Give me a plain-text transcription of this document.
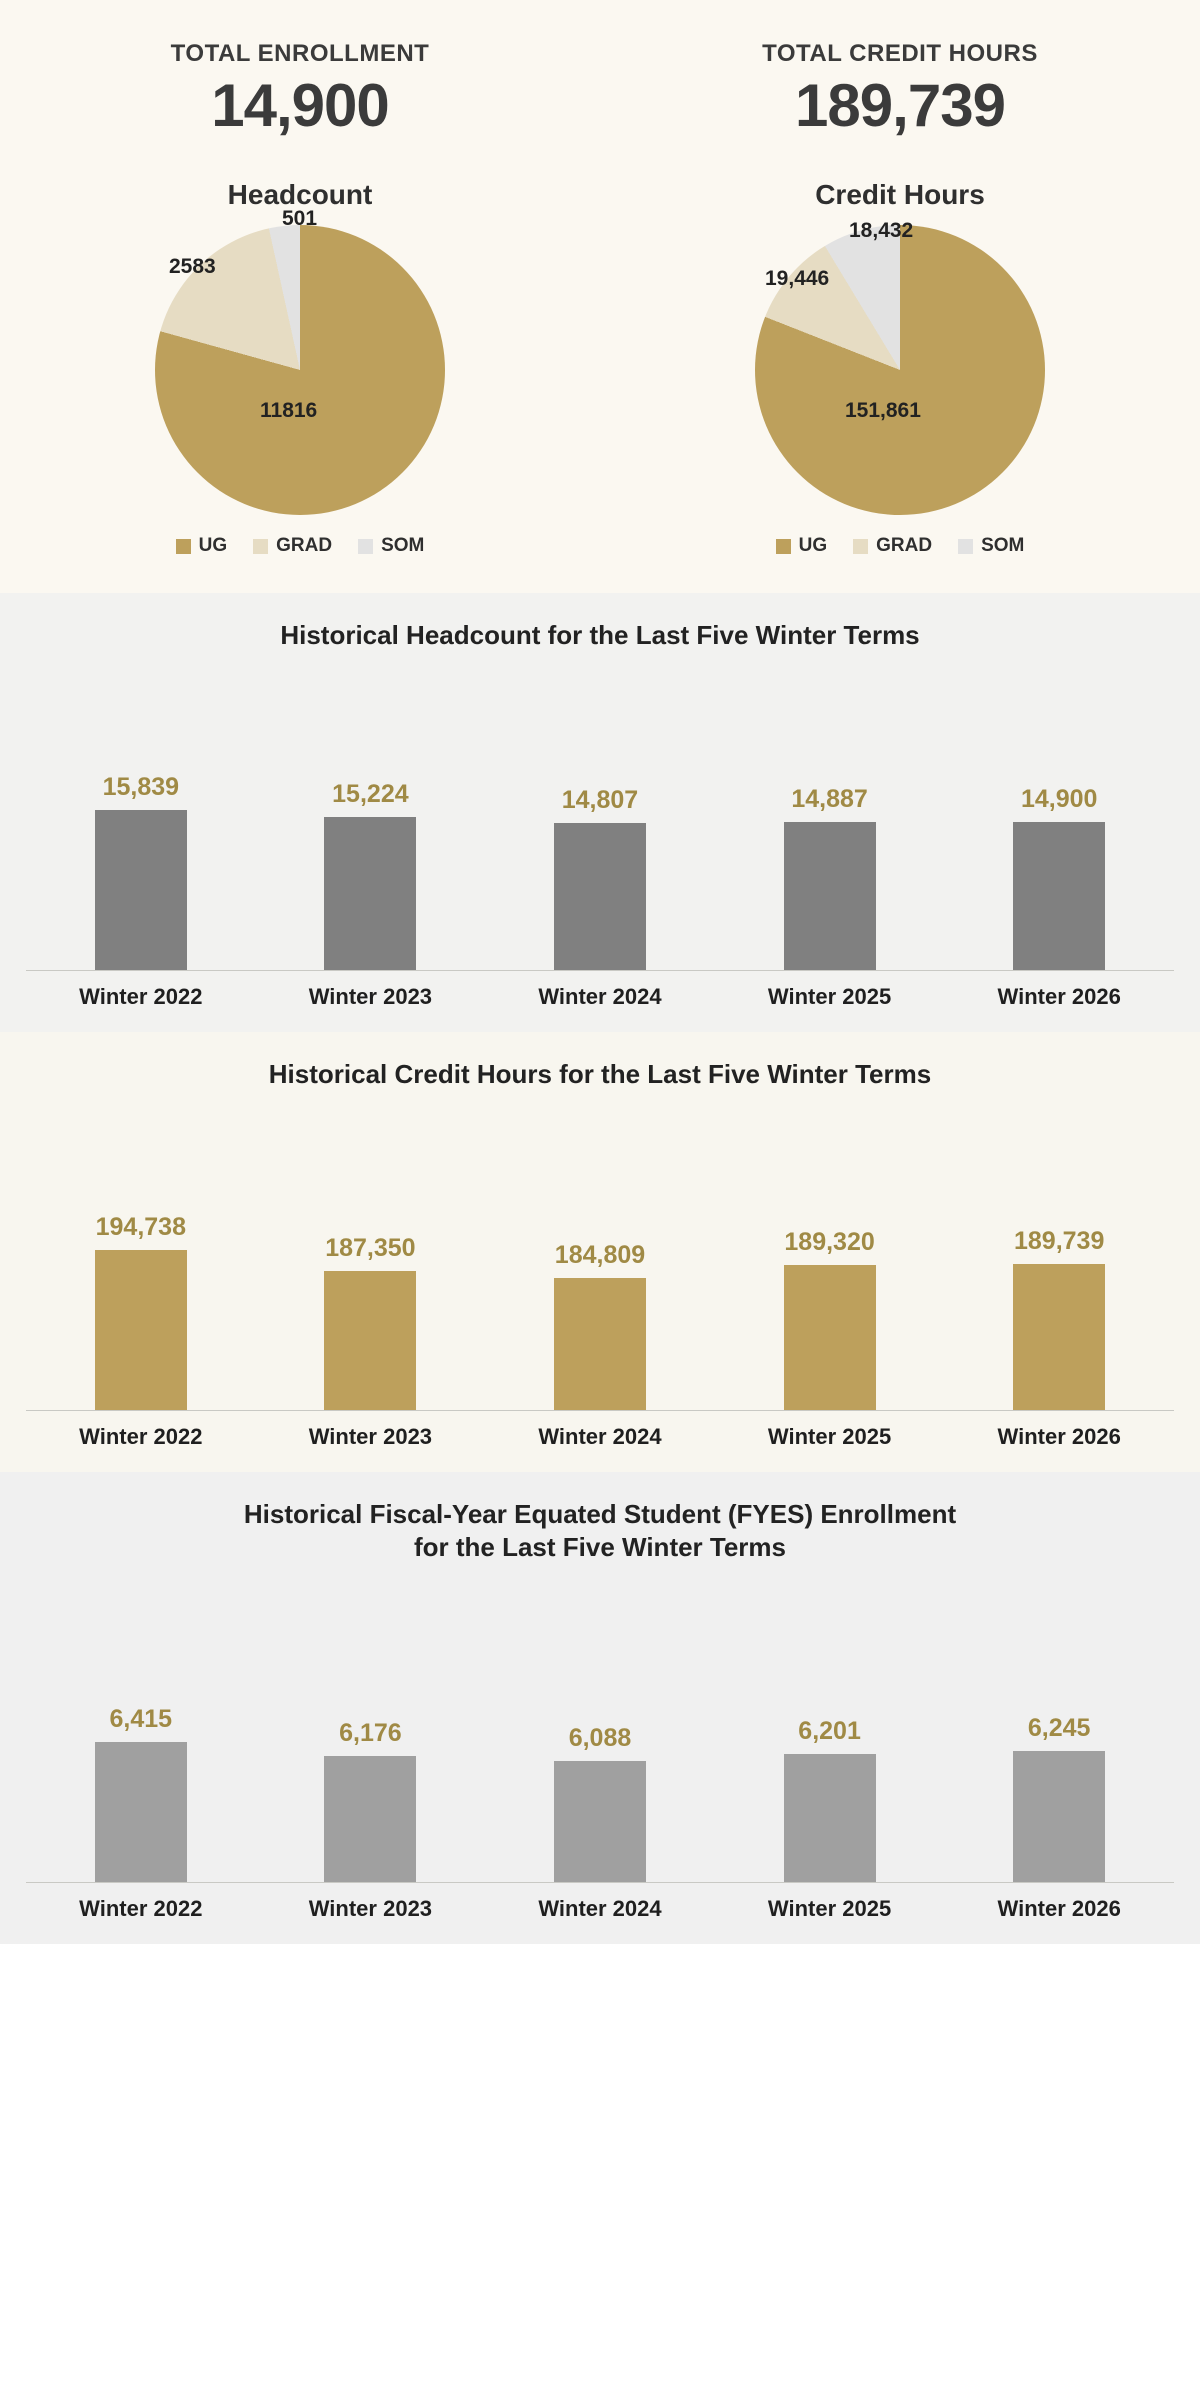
TOTAL ENROLLMENT
14,900
TOTAL CREDIT HOURS
189,739
Headcount
501
2583
11816
UG	GRAD	SOM
Credit Hours
18,432
19,446
151,861
UG	GRAD	SOM
Historical Headcount for the Last Five Winter Terms
15,839	15,224	14,807	14,887	14,900
Winter 2022	Winter 2023	Winter 2024	Winter 2025	Winter 2026
Historical Credit Hours for the Last Five Winter Terms
194,738
187,350	184,809	189,320	189,739
Winter 2022	Winter 2023	Winter 2024	Winter 2025	Winter 2026
Historical Fiscal-Year Equated Student (FYES) Enrollment
for the Last Five Winter Terms
6,415	6,176	6,088	6,201	6,245
Winter 2022	Winter 2023	Winter 2024	Winter 2025	Winter 2026
